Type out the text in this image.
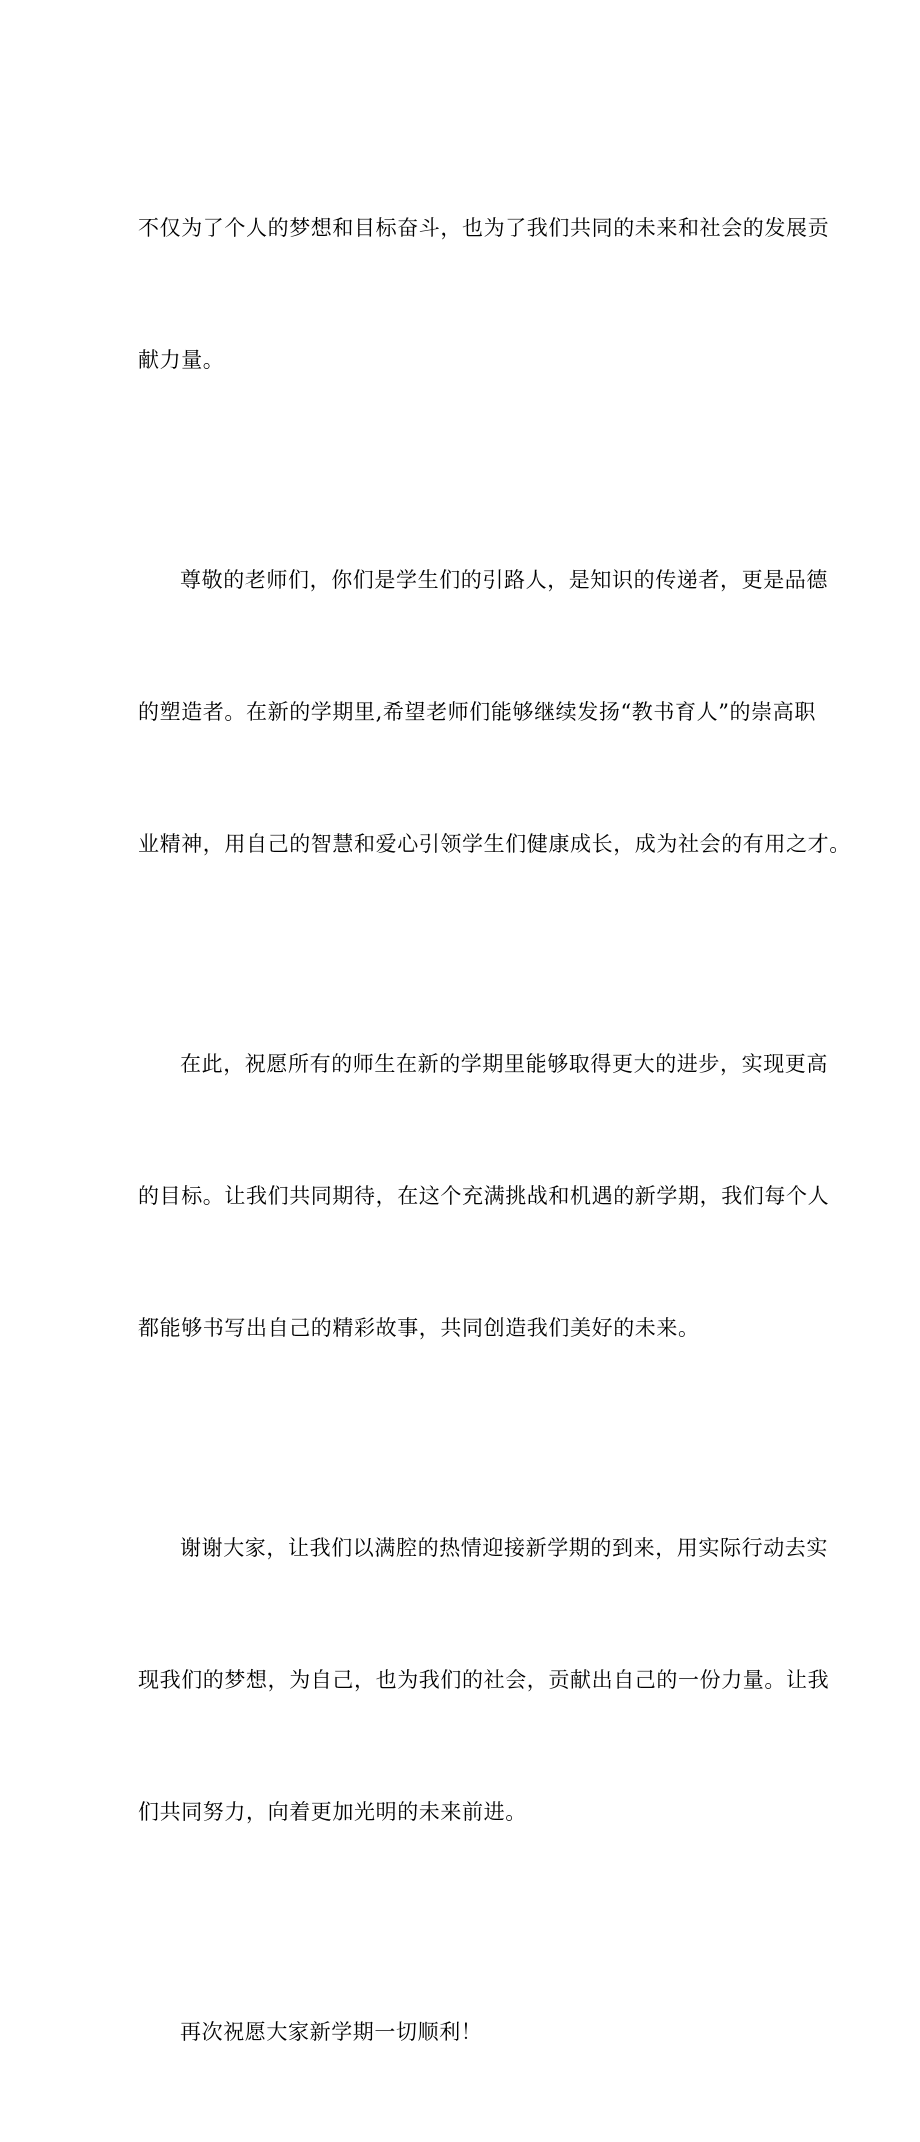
不仅为了个人的梦想和目标奋斗，也为了我们共同的未来和社会的发展贡

献力量。

尊敬的老师们，你们是学生们的引路人，是知识的传递者，更是品德

的塑造者。在新的学期里,希望老师们能够继续发扬“教书育人”的崇高职

业精神，用自己的智慧和爱心引领学生们健康成长，成为社会的有用之才。

在此，祝愿所有的师生在新的学期里能够取得更大的进步，实现更高

的目标。让我们共同期待，在这个充满挑战和机遇的新学期，我们每个人

都能够书写出自己的精彩故事，共同创造我们美好的未来。

谢谢大家，让我们以满腔的热情迎接新学期的到来，用实际行动去实

现我们的梦想，为自己，也为我们的社会，贡献出自己的一份力量。让我

们共同努力，向着更加光明的未来前进。

再次祝愿大家新学期一切顺利！
